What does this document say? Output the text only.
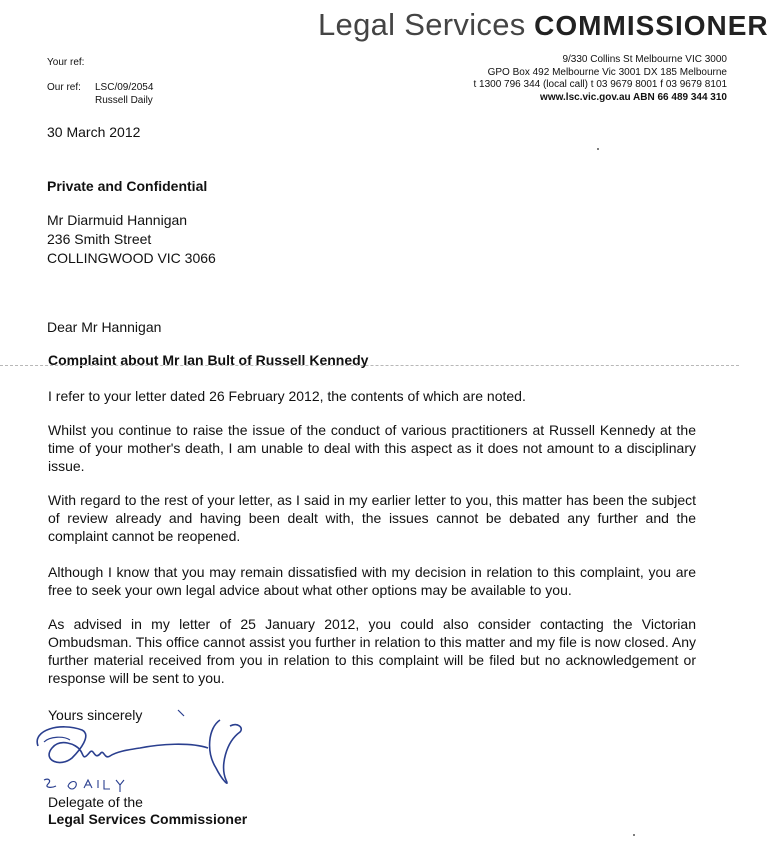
Legal Services COMMISSIONER
9/330 Collins St Melbourne VIC 3000
GPO Box 492 Melbourne Vic 3001 DX 185 Melbourne
t 1300 796 344 (local call) t 03 9679 8001 f 03 9679 8101
www.lsc.vic.gov.au ABN 66 489 344 310
Your ref:
Our ref:	LSC/09/2054
Russell Daily
30 March 2012
Private and Confidential
Mr Diarmuid Hannigan
236 Smith Street
COLLINGWOOD VIC 3066
Dear Mr Hannigan
Complaint about Mr Ian Bult of Russell Kennedy
I refer to your letter dated 26 February 2012, the contents of which are noted.
Whilst you continue to raise the issue of the conduct of various practitioners at Russell Kennedy at the time of your mother's death, I am unable to deal with this aspect as it does not amount to a disciplinary issue.
With regard to the rest of your letter, as I said in my earlier letter to you, this matter has been the subject of review already and having been dealt with, the issues cannot be debated any further and the complaint cannot be reopened.
Although I know that you may remain dissatisfied with my decision in relation to this complaint, you are free to seek your own legal advice about what other options may be available to you.
As advised in my letter of 25 January 2012, you could also consider contacting the Victorian Ombudsman. This office cannot assist you further in relation to this matter and my file is now closed. Any further material received from you in relation to this complaint will be filed but no acknowledgement or response will be sent to you.
Yours sincerely
Delegate of the
Legal Services Commissioner
